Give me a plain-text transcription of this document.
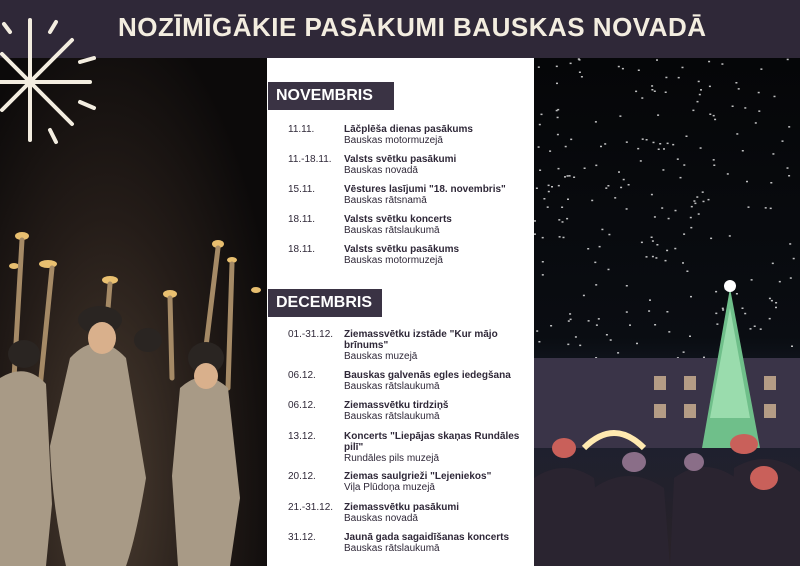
NOZĪMĪGĀKIE PASĀKUMI BAUSKAS NOVADĀ
NOVEMBRIS
11.11.	Lāčplēša dienas pasākums
Bauskas motormuzejā
11.-18.11.	Valsts svētku pasākumi
Bauskas novadā
15.11.	Vēstures lasījumi "18. novembris"
Bauskas rātsnamā
18.11.	Valsts svētku koncerts
Bauskas rātslaukumā
18.11.	Valsts svētku pasākums
Bauskas motormuzejā
DECEMBRIS
01.-31.12.	Ziemassvētku izstāde "Kur mājo brīnums"
Bauskas muzejā
06.12.	Bauskas galvenās egles iedegšana
Bauskas rātslaukumā
06.12.	Ziemassvētku tirdziņš
Bauskas rātslaukumā
13.12.	Koncerts "Liepājas skaņas Rundāles pilī"
Rundāles pils muzejā
20.12.	Ziemas saulgrieži "Lejeniekos"
Viļa Plūdoņa muzejā
21.-31.12.	Ziemassvētku pasākumi
Bauskas novadā
31.12.	Jaunā gada sagaidīšanas koncerts
Bauskas rātslaukumā
